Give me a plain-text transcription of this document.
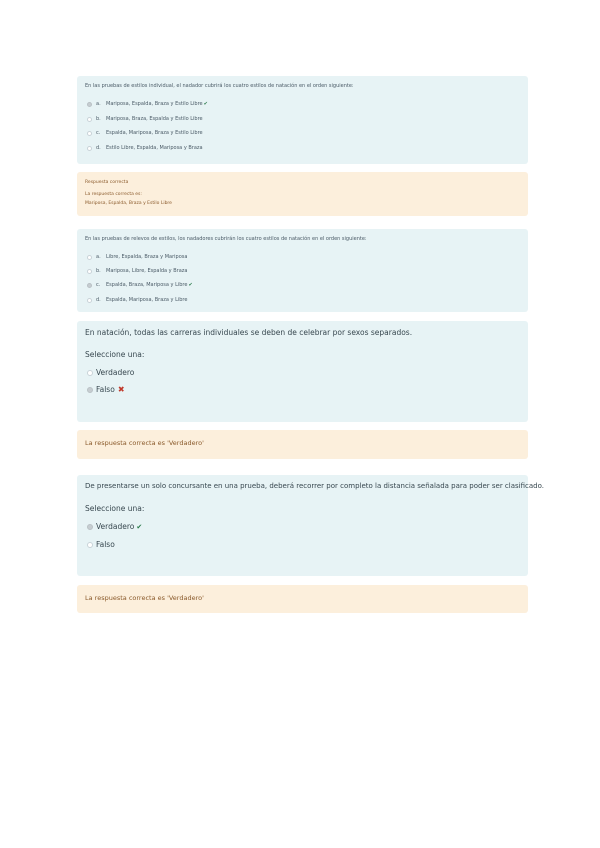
En las pruebas de estilos individual, el nadador cubrirá los cuatro estilos de natación en el orden siguiente:
a.	Mariposa, Espalda, Braza y Estilo Libre ✔
b.	Mariposa, Braza, Espalda y Estilo Libre
c.	Espalda, Mariposa, Braza y Estilo Libre
d.	Estilo Libre, Espalda, Mariposa y Braza
Respuesta correcta
La respuesta correcta es:
Mariposa, Espalda, Braza y Estilo Libre
En las pruebas de relevos de estilos, los nadadores cubrirán los cuatro estilos de natación en el orden siguiente:
a.	Libre, Espalda, Braza y Mariposa
b.	Mariposa, Libre, Espalda y Braza
c.	Espalda, Braza, Mariposa y Libre ✔
d.	Espalda, Mariposa, Braza y Libre
En natación, todas las carreras individuales se deben de celebrar por sexos separados.
Seleccione una:
Verdadero
Falso ✖
La respuesta correcta es 'Verdadero'
De presentarse un solo concursante en una prueba, deberá recorrer por completo la distancia señalada para poder ser clasificado.
Seleccione una:
Verdadero ✔
Falso
La respuesta correcta es 'Verdadero'
